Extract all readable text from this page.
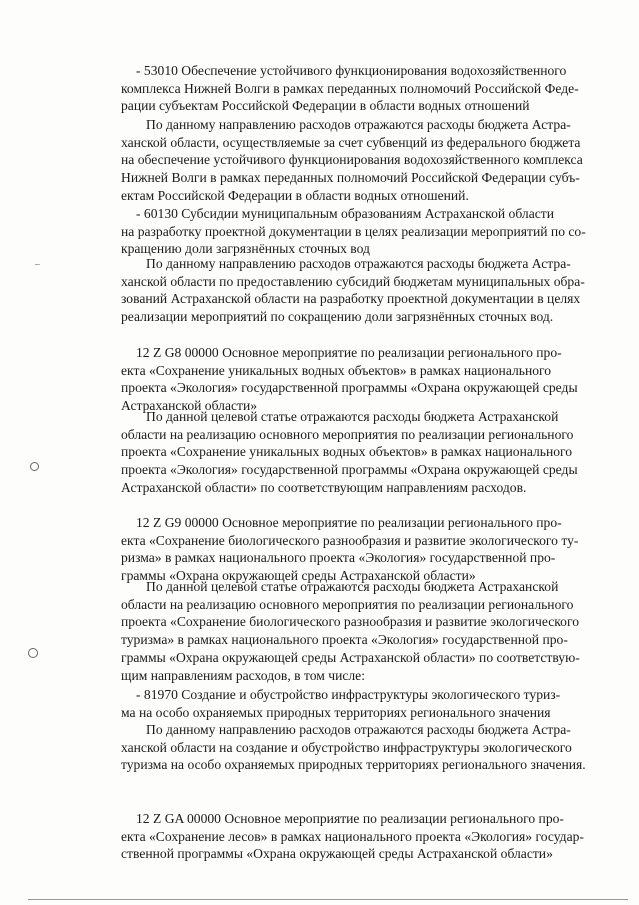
- 53010 Обеспечение устойчивого функционирования водохозяйственного
комплекса Нижней Волги в рамках переданных полномочий Российской Феде-
рации субъектам Российской Федерации в области водных отношений

По данному направлению расходов отражаются расходы бюджета Астра-
ханской области, осуществляемые за счет субвенций из федерального бюджета
на обеспечение устойчивого функционирования водохозяйственного комплекса
Нижней Волги в рамках переданных полномочий Российской Федерации субъ-
ектам Российской Федерации в области водных отношений.

- 60130 Субсидии муниципальным образованиям Астраханской области
на разработку проектной документации в целях реализации мероприятий по со-
кращению доли загрязнённых сточных вод

По данному направлению расходов отражаются расходы бюджета Астра-
ханской области по предоставлению субсидий бюджетам муниципальных обра-
зований Астраханской области на разработку проектной документации в целях
реализации мероприятий по сокращению доли загрязнённых сточных вод.

12 Z G8 00000 Основное мероприятие по реализации регионального про-
екта «Сохранение уникальных водных объектов» в рамках национального
проекта «Экология» государственной программы «Охрана окружающей среды
Астраханской области»

По данной целевой статье отражаются расходы бюджета Астраханской
области на реализацию основного мероприятия по реализации регионального
проекта «Сохранение уникальных водных объектов» в рамках национального
проекта «Экология» государственной программы «Охрана окружающей среды
Астраханской области» по соответствующим направлениям расходов.

12 Z G9 00000 Основное мероприятие по реализации регионального про-
екта «Сохранение биологического разнообразия и развитие экологического ту-
ризма» в рамках национального проекта «Экология» государственной про-
граммы «Охрана окружающей среды Астраханской области»

По данной целевой статье отражаются расходы бюджета Астраханской
области на реализацию основного мероприятия по реализации регионального
проекта «Сохранение биологического разнообразия и развитие экологического
туризма» в рамках национального проекта «Экология» государственной про-
граммы «Охрана окружающей среды Астраханской области» по соответствую-
щим направлениям расходов, в том числе:

- 81970 Создание и обустройство инфраструктуры экологического туриз-
ма на особо охраняемых природных территориях регионального значения

По данному направлению расходов отражаются расходы бюджета Астра-
ханской области на создание и обустройство инфраструктуры экологического
туризма на особо охраняемых природных территориях регионального значения.

12 Z GA 00000 Основное мероприятие по реализации регионального про-
екта «Сохранение лесов» в рамках национального проекта «Экология» государ-
ственной программы «Охрана окружающей среды Астраханской области»

~
